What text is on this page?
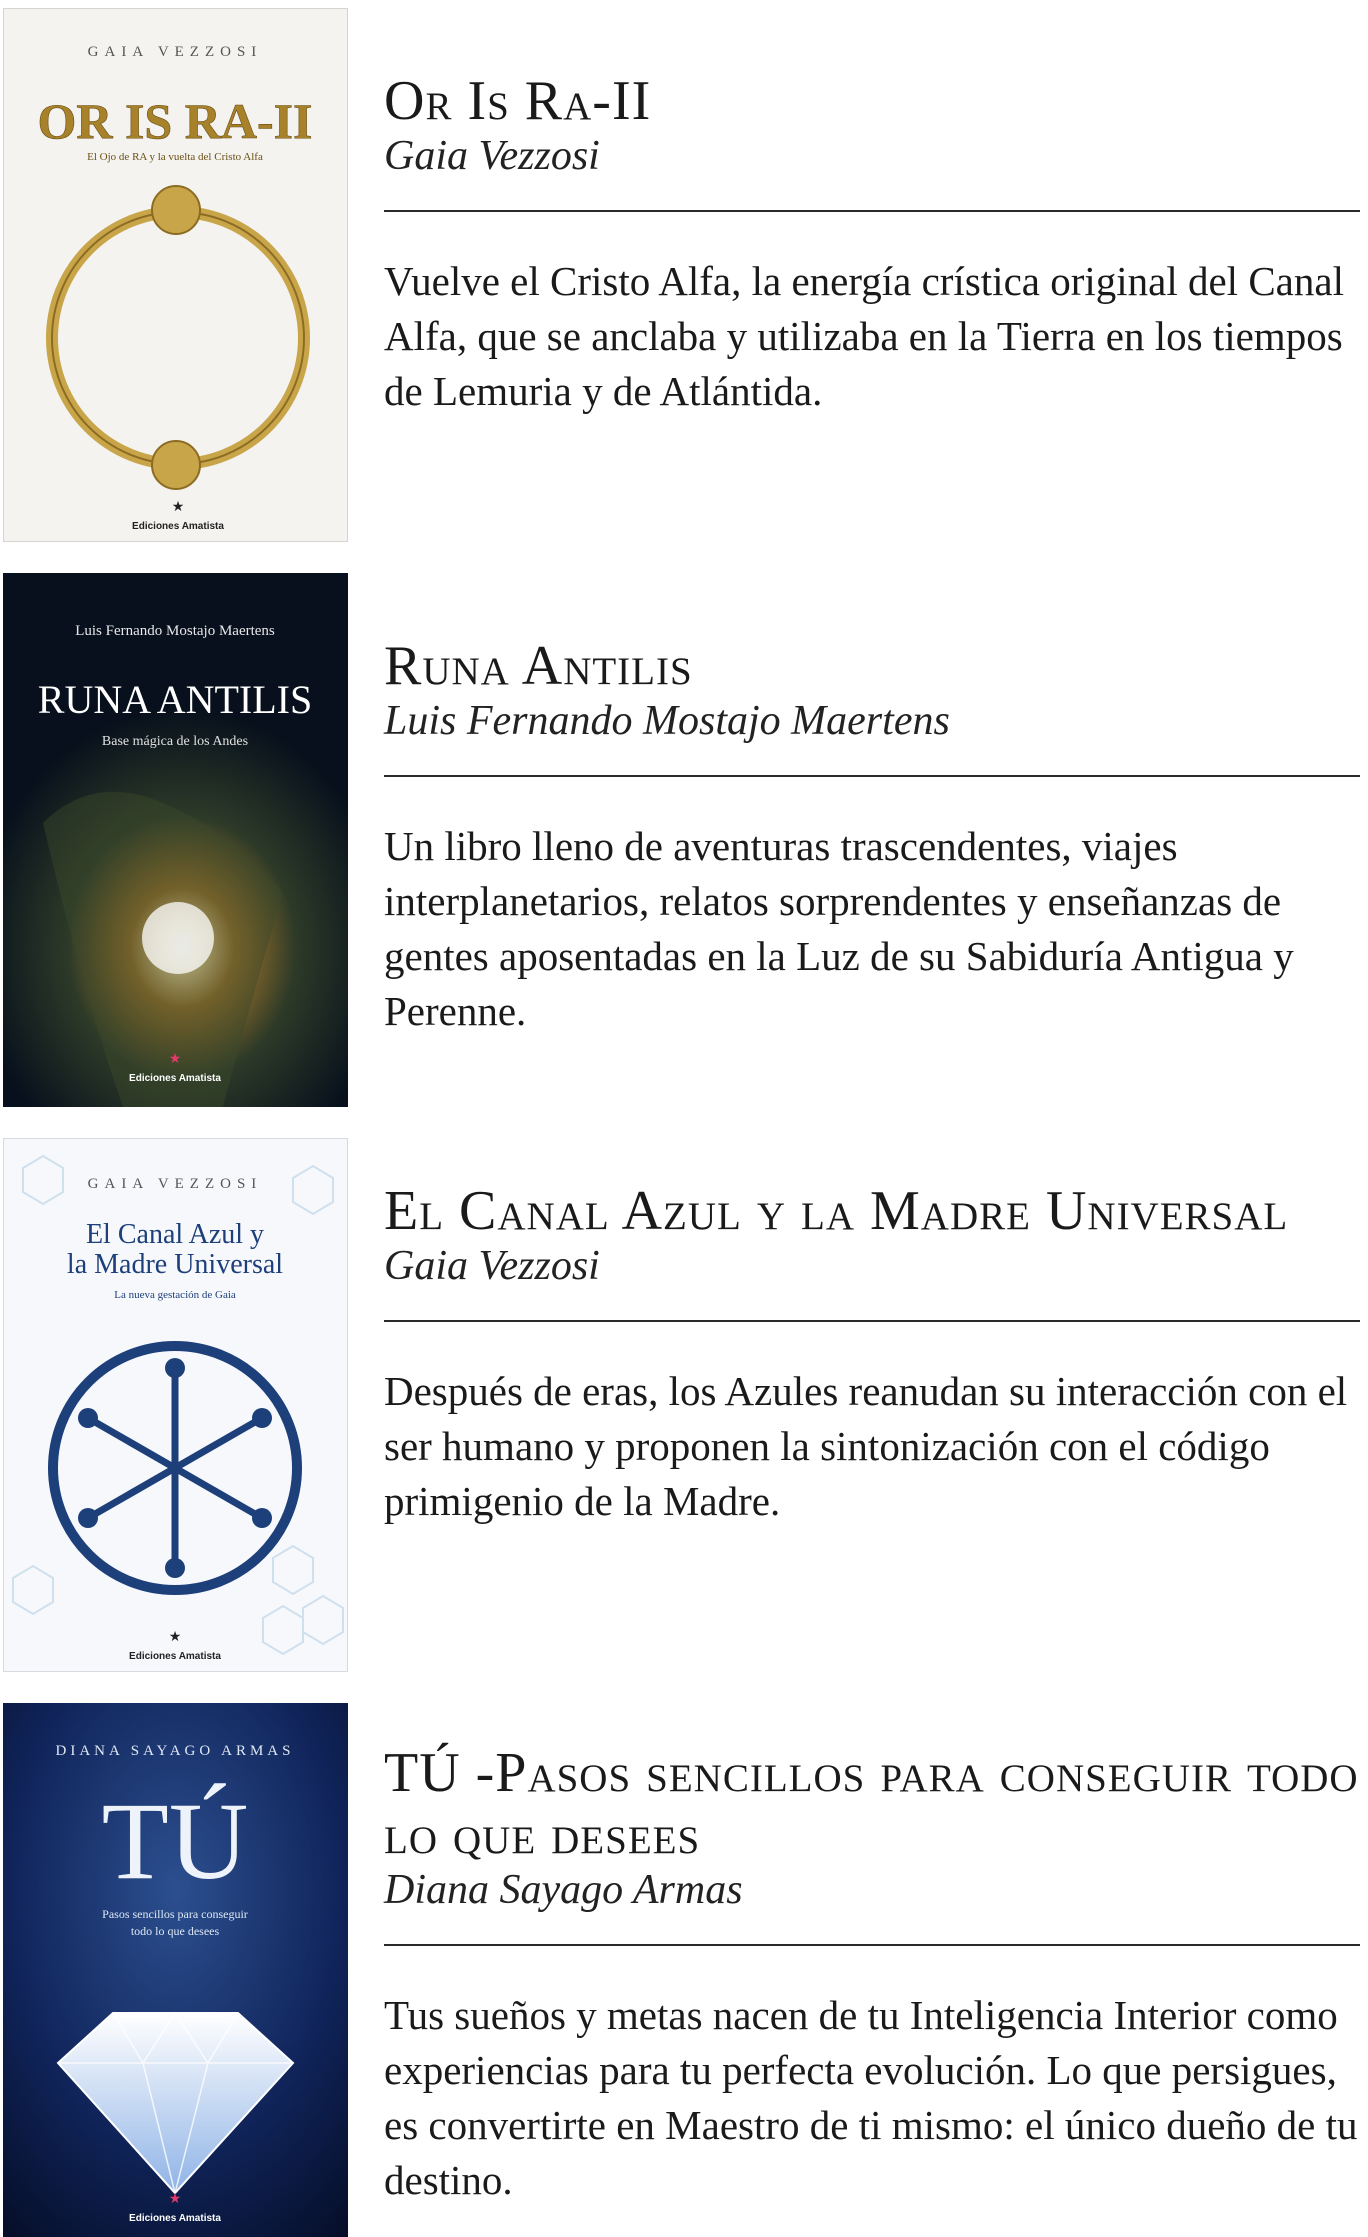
GAIA VEZZOSI
OR IS RA-II
El Ojo de RA y la vuelta del Cristo Alfa
★
Ediciones Amatista
Or Is Ra-II
Gaia Vezzosi

Vuelve el Cristo Alfa, la energía crística original del Canal Alfa, que se anclaba y utilizaba en la Tierra en los tiempos de Lemuria y de Atlántida.

Luis Fernando Mostajo Maertens
RUNA ANTILIS
Base mágica de los Andes
★
Ediciones Amatista
Runa Antilis
Luis Fernando Mostajo Maertens

Un libro lleno de aventuras trascendentes, viajes interplanetarios, relatos sorprendentes y enseñanzas de gentes aposentadas en la Luz de su Sabiduría Antigua y Perenne.

GAIA VEZZOSI
El Canal Azul y
la Madre Universal
La nueva gestación de Gaia
★
Ediciones Amatista
El Canal Azul y la Madre Universal
Gaia Vezzosi

Después de eras, los Azules reanudan su interacción con el ser humano y proponen la sintonización con el código primigenio de la Madre.

DIANA SAYAGO ARMAS
TÚ
Pasos sencillos para conseguir
todo lo que desees
★
Ediciones Amatista
TÚ -Pasos sencillos para conseguir todo lo que desees
Diana Sayago Armas

Tus sueños y metas nacen de tu Inteligencia Interior como experiencias para tu perfecta evolución. Lo que persigues, es convertirte en Maestro de ti mismo: el único dueño de tu destino.
